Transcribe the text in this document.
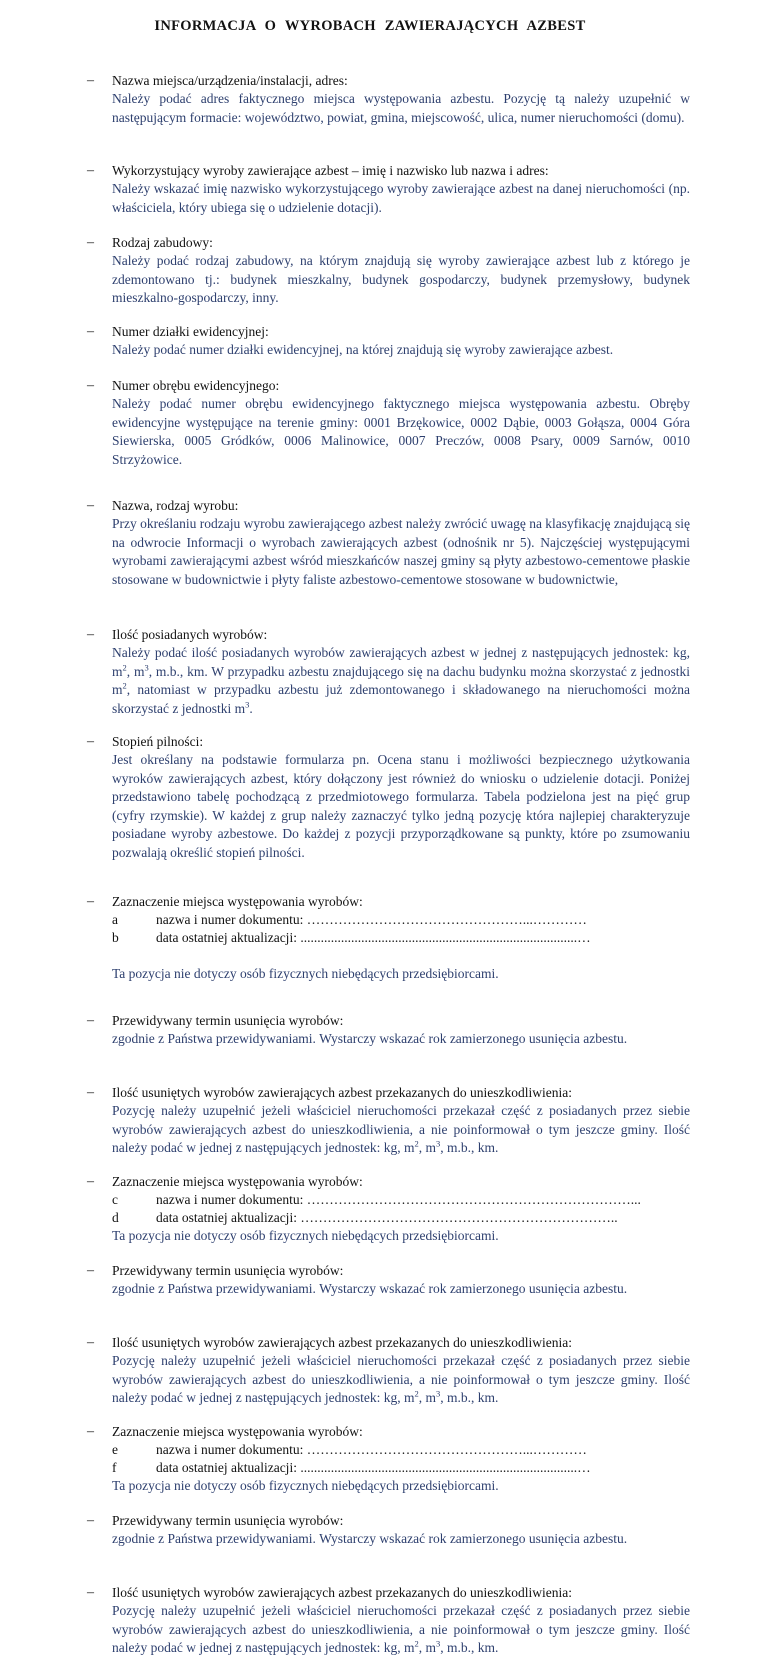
INFORMACJA O WYROBACH ZAWIERAJĄCYCH AZBEST
– Nazwa miejsca/urządzenia/instalacji, adres:
Należy podać adres faktycznego miejsca występowania azbestu. Pozycję tą należy uzupełnić w następującym formacie: województwo, powiat, gmina, miejscowość, ulica, numer nieruchomości (domu).
– Wykorzystujący wyroby zawierające azbest – imię i nazwisko lub nazwa i adres:
Należy wskazać imię nazwisko wykorzystującego wyroby zawierające azbest na danej nieruchomości (np. właściciela, który ubiega się o udzielenie dotacji).
– Rodzaj zabudowy:
Należy podać rodzaj zabudowy, na którym znajdują się wyroby zawierające azbest lub z którego je zdemontowano tj.: budynek mieszkalny, budynek gospodarczy, budynek przemysłowy, budynek mieszkalno-gospodarczy, inny.
– Numer działki ewidencyjnej:
Należy podać numer działki ewidencyjnej, na której znajdują się wyroby zawierające azbest.
– Numer obrębu ewidencyjnego:
Należy podać numer obrębu ewidencyjnego faktycznego miejsca występowania azbestu. Obręby ewidencyjne występujące na terenie gminy: 0001 Brzękowice, 0002 Dąbie, 0003 Gołąsza, 0004 Góra Siewierska, 0005 Gródków, 0006 Malinowice, 0007 Preczów, 0008 Psary, 0009 Sarnów, 0010 Strzyżowice.
– Nazwa, rodzaj wyrobu:
Przy określaniu rodzaju wyrobu zawierającego azbest należy zwrócić uwagę na klasyfikację znajdującą się na odwrocie Informacji o wyrobach zawierających azbest (odnośnik nr 5). Najczęściej występującymi wyrobami zawierającymi azbest wśród mieszkańców naszej gminy są płyty azbestowo-cementowe płaskie stosowane w budownictwie i płyty faliste azbestowo-cementowe stosowane w budownictwie,
– Ilość posiadanych wyrobów:
Należy podać ilość posiadanych wyrobów zawierających azbest w jednej z następujących jednostek: kg, $m^2$, $m^3$, m.b., km. W przypadku azbestu znajdującego się na dachu budynku można skorzystać z jednostki $m^2$, natomiast w przypadku azbestu już zdemontowanego i składowanego na nieruchomości można skorzystać z jednostki $m^3$.
– Stopień pilności:
Jest określany na podstawie formularza pn. Ocena stanu i możliwości bezpiecznego użytkowania wyroków zawierających azbest, który dołączony jest również do wniosku o udzielenie dotacji. Poniżej przedstawiono tabelę pochodzącą z przedmiotowego formularza. Tabela podzielona jest na pięć grup (cyfry rzymskie). W każdej z grup należy zaznaczyć tylko jedną pozycję która najlepiej charakteryzuje posiadane wyroby azbestowe. Do każdej z pozycji przyporządkowane są punkty, które po zsumowaniu pozwalają określić stopień pilności.
– Zaznaczenie miejsca występowania wyrobów:
a	nazwa i numer dokumentu: …………………………………………...…………
b	data ostatniej aktualizacji: ..................................................................................…
Ta pozycja nie dotyczy osób fizycznych niebędących przedsiębiorcami.
– Przewidywany termin usunięcia wyrobów:
zgodnie z Państwa przewidywaniami. Wystarczy wskazać rok zamierzonego usunięcia azbestu.
– Ilość usuniętych wyrobów zawierających azbest przekazanych do unieszkodliwienia:
Pozycję należy uzupełnić jeżeli właściciel nieruchomości przekazał część z posiadanych przez siebie wyrobów zawierających azbest do unieszkodliwienia, a nie poinformował o tym jeszcze gminy. Ilość należy podać w jednej z następujących jednostek: kg, $m^2$, $m^3$, m.b., km.
– Zaznaczenie miejsca występowania wyrobów:
c	nazwa i numer dokumentu: ………………………………………………………………...
d	data ostatniej aktualizacji: ……………………………………………………………..
Ta pozycja nie dotyczy osób fizycznych niebędących przedsiębiorcami.
– Przewidywany termin usunięcia wyrobów:
zgodnie z Państwa przewidywaniami. Wystarczy wskazać rok zamierzonego usunięcia azbestu.
– Ilość usuniętych wyrobów zawierających azbest przekazanych do unieszkodliwienia:
Pozycję należy uzupełnić jeżeli właściciel nieruchomości przekazał część z posiadanych przez siebie wyrobów zawierających azbest do unieszkodliwienia, a nie poinformował o tym jeszcze gminy. Ilość należy podać w jednej z następujących jednostek: kg, $m^2$, $m^3$, m.b., km.
– Zaznaczenie miejsca występowania wyrobów:
e	nazwa i numer dokumentu: …………………………………………...…………
f	data ostatniej aktualizacji: ..................................................................................…
Ta pozycja nie dotyczy osób fizycznych niebędących przedsiębiorcami.
– Przewidywany termin usunięcia wyrobów:
zgodnie z Państwa przewidywaniami. Wystarczy wskazać rok zamierzonego usunięcia azbestu.
– Ilość usuniętych wyrobów zawierających azbest przekazanych do unieszkodliwienia:
Pozycję należy uzupełnić jeżeli właściciel nieruchomości przekazał część z posiadanych przez siebie wyrobów zawierających azbest do unieszkodliwienia, a nie poinformował o tym jeszcze gminy. Ilość należy podać w jednej z następujących jednostek: kg, $m^2$, $m^3$, m.b., km.
